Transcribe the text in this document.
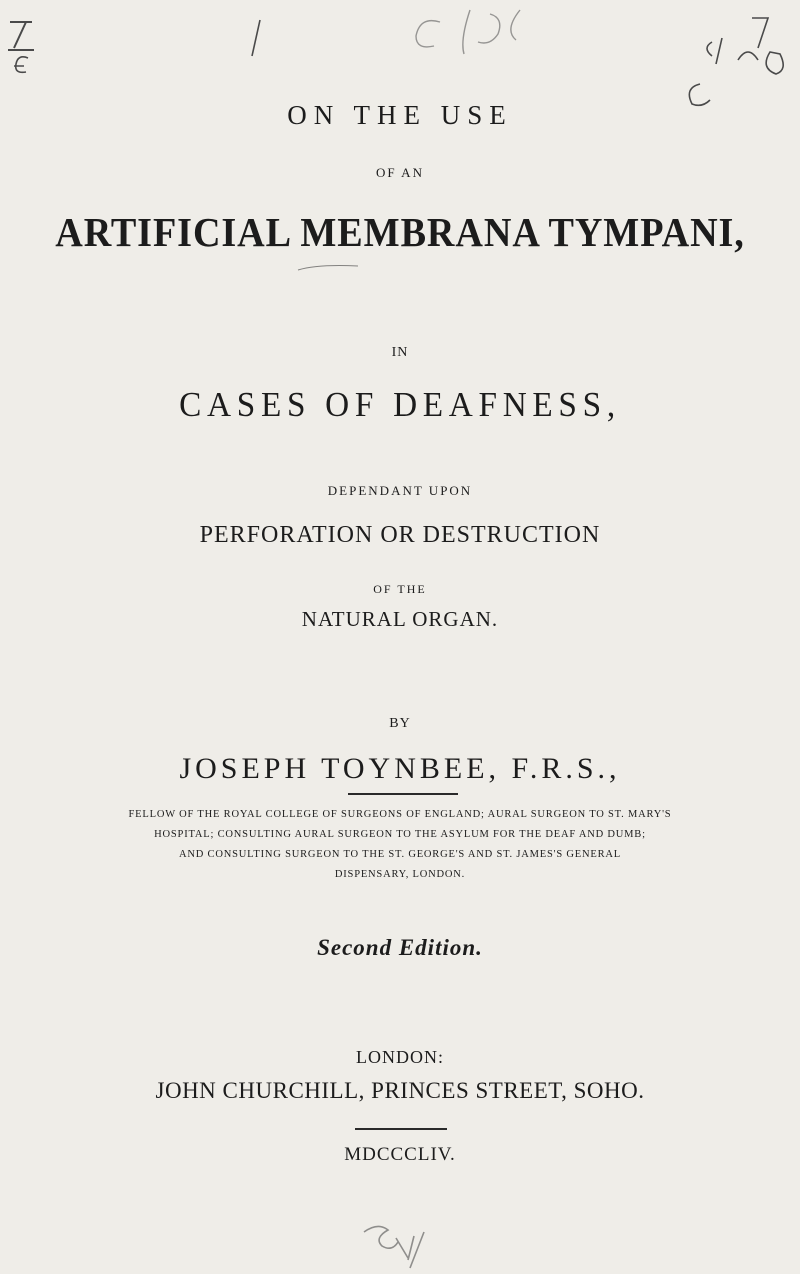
ON THE USE
OF AN
ARTIFICIAL MEMBRANA TYMPANI,
IN
CASES OF DEAFNESS,
DEPENDANT UPON
PERFORATION OR DESTRUCTION
OF THE
NATURAL ORGAN.
BY
JOSEPH TOYNBEE, F.R.S.,
FELLOW OF THE ROYAL COLLEGE OF SURGEONS OF ENGLAND; AURAL SURGEON TO ST. MARY'S
HOSPITAL; CONSULTING AURAL SURGEON TO THE ASYLUM FOR THE DEAF AND DUMB;
AND CONSULTING SURGEON TO THE ST. GEORGE'S AND ST. JAMES'S GENERAL
DISPENSARY, LONDON.
Second Edition.
LONDON:
JOHN CHURCHILL, PRINCES STREET, SOHO.
MDCCCLIV.
